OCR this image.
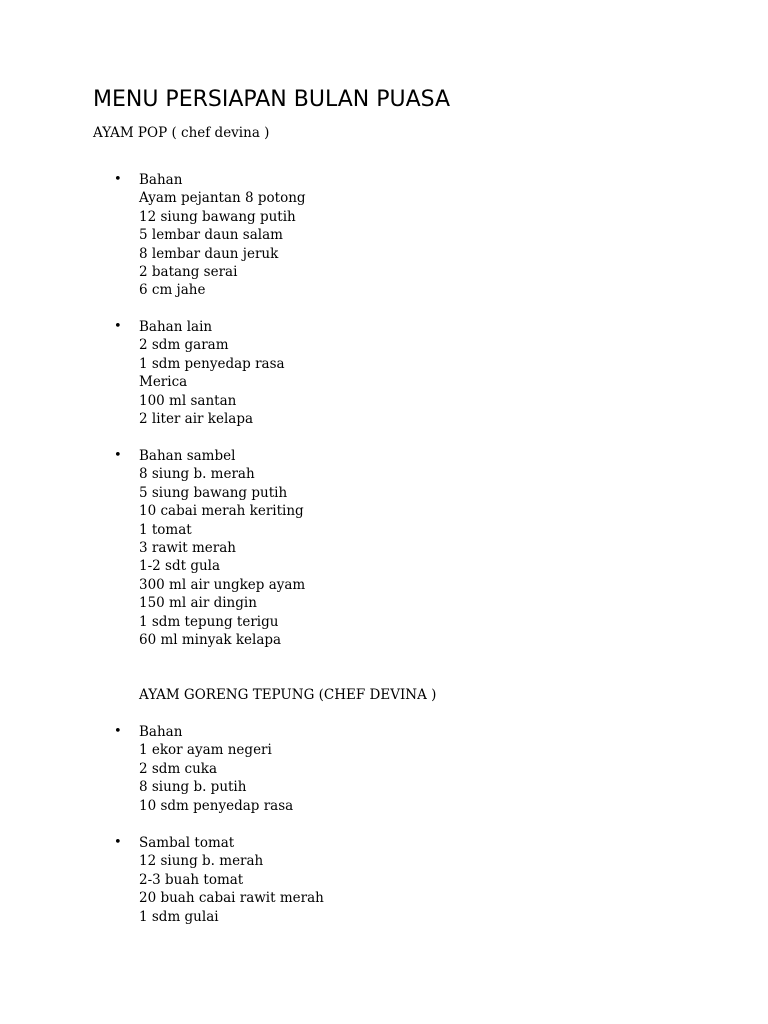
MENU PERSIAPAN BULAN PUASA
AYAM POP ( chef devina )
• Bahan
Ayam pejantan 8 potong
12 siung bawang putih
5 lembar daun salam
8 lembar daun jeruk
2 batang serai
6 cm jahe
• Bahan lain
2 sdm garam
1 sdm penyedap rasa
Merica
100 ml santan
2 liter air kelapa
• Bahan sambel
8 siung b. merah
5 siung bawang putih
10 cabai merah keriting
1 tomat
3 rawit merah
1-2 sdt gula
300 ml air ungkep ayam
150 ml air dingin
1 sdm tepung terigu
60 ml minyak kelapa
AYAM GORENG TEPUNG (CHEF DEVINA )
• Bahan
1 ekor ayam negeri
2 sdm cuka
8 siung b. putih
10 sdm penyedap rasa
• Sambal tomat
12 siung b. merah
2-3 buah tomat
20 buah cabai rawit merah
1 sdm gulai
